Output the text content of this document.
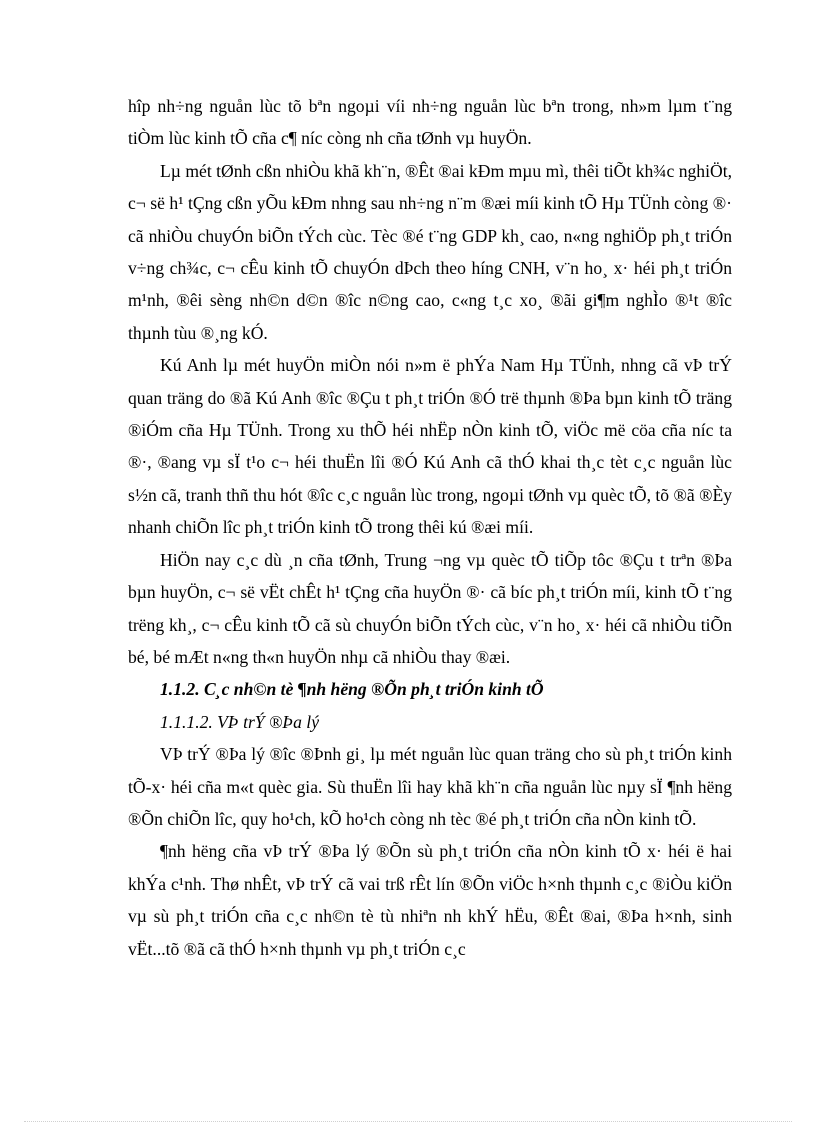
hîp nh÷ng nguån lùc tõ bªn ngoµi víi nh÷ng nguån lùc bªn trong, nh»m lµm t¨ng tiÒm lùc kinh tÕ cña c¶ níc còng nh cña tØnh vµ huyÖn.

Lµ mét tØnh cßn nhiÒu khã kh¨n, ®Êt ®ai kÐm mµu mì, thêi tiÕt kh¾c nghiÖt, c¬ së h¹ tÇng cßn yÕu kÐm nhng sau nh÷ng n¨m ®æi míi kinh tÕ Hµ TÜnh còng ®· cã nhiÒu chuyÓn biÕn tÝch cùc. Tèc ®é t¨ng GDP kh¸ cao, n«ng nghiÖp ph¸t triÓn v÷ng ch¾c, c¬ cÊu kinh tÕ chuyÓn dÞch theo híng CNH, v¨n ho¸ x· héi ph¸t triÓn m¹nh, ®êi sèng nh©n d©n ®îc n©ng cao, c«ng t¸c xo¸ ®ãi gi¶m nghÌo ®¹t ®îc thµnh tùu ®¸ng kÓ.

Kú Anh lµ mét huyÖn miÒn nói n»m ë phÝa Nam Hµ TÜnh, nhng cã vÞ trÝ quan träng do ®ã Kú Anh ®îc ®Çu t ph¸t triÓn ®Ó trë thµnh ®Þa bµn kinh tÕ träng ®iÓm cña Hµ TÜnh. Trong xu thÕ héi nhËp nÒn kinh tÕ, viÖc më cöa cña níc ta ®·, ®ang vµ sÏ t¹o c¬ héi thuËn lîi ®Ó Kú Anh cã thÓ khai th¸c tèt c¸c nguån lùc s½n cã, tranh thñ thu hót ®îc c¸c nguån lùc trong, ngoµi tØnh vµ quèc tÕ, tõ ®ã ®Èy nhanh chiÕn lîc ph¸t triÓn kinh tÕ trong thêi kú ®æi míi.

HiÖn nay c¸c dù ¸n cña tØnh, Trung ¬ng vµ quèc tÕ tiÕp tôc ®Çu t trªn ®Þa bµn huyÖn, c¬ së vËt chÊt h¹ tÇng cña huyÖn ®· cã bíc ph¸t triÓn míi, kinh tÕ t¨ng trëng kh¸, c¬ cÊu kinh tÕ cã sù chuyÓn biÕn tÝch cùc, v¨n ho¸ x· héi cã nhiÒu tiÕn bé, bé mÆt n«ng th«n huyÖn nhµ cã nhiÒu thay ®æi.

1.1.2. C¸c nh©n tè ¶nh hëng ®Õn ph¸t triÓn kinh tÕ

1.1.1.2. VÞ trÝ ®Þa lý

VÞ trÝ ®Þa lý ®îc ®Þnh gi¸ lµ mét nguån lùc quan träng cho sù ph¸t triÓn kinh tÕ-x· héi cña m«t quèc gia. Sù thuËn lîi hay khã kh¨n cña nguån lùc nµy sÏ ¶nh hëng ®Õn chiÕn lîc, quy ho¹ch, kÕ ho¹ch còng nh tèc ®é ph¸t triÓn cña nÒn kinh tÕ.

¶nh hëng cña vÞ trÝ ®Þa lý ®Õn sù ph¸t triÓn cña nÒn kinh tÕ x· héi ë hai khÝa c¹nh. Thø nhÊt, vÞ trÝ cã vai trß rÊt lín ®Õn viÖc h×nh thµnh c¸c ®iÒu kiÖn vµ sù ph¸t triÓn cña c¸c nh©n tè tù nhiªn nh khÝ hËu, ®Êt ®ai, ®Þa h×nh, sinh vËt...tõ ®ã cã thÓ h×nh thµnh vµ ph¸t triÓn c¸c
